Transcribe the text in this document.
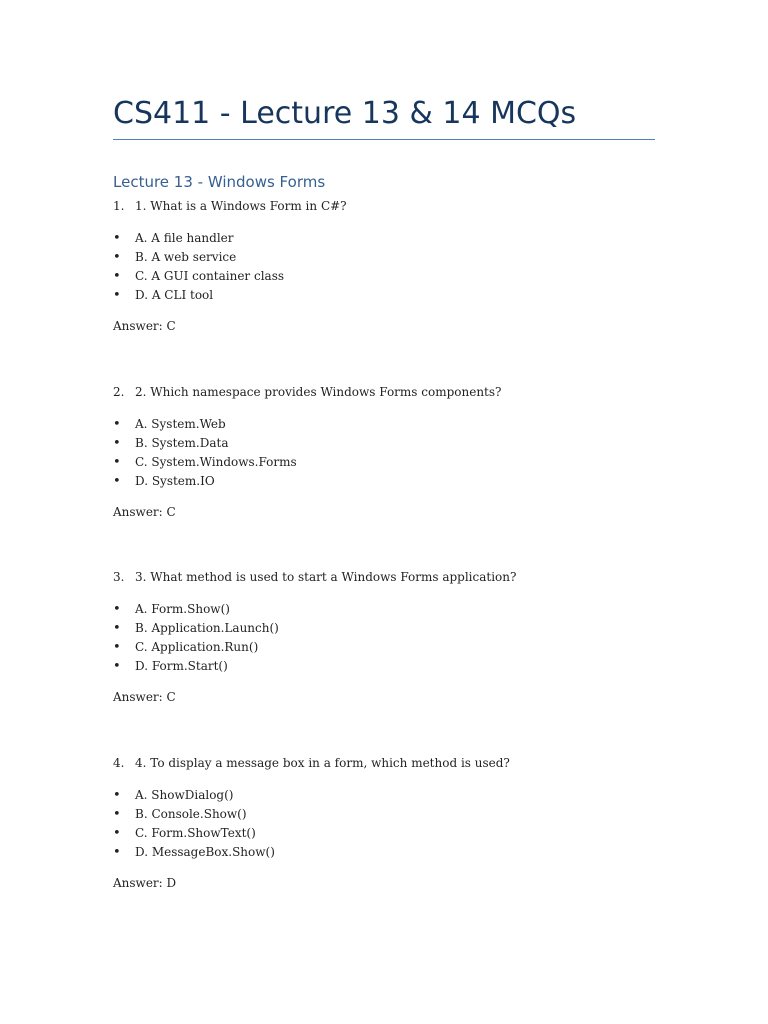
CS411 - Lecture 13 & 14 MCQs
Lecture 13 - Windows Forms
1. 1. What is a Windows Form in C#?
• A. A file handler
• B. A web service
• C. A GUI container class
• D. A CLI tool
Answer: C
2. 2. Which namespace provides Windows Forms components?
• A. System.Web
• B. System.Data
• C. System.Windows.Forms
• D. System.IO
Answer: C
3. 3. What method is used to start a Windows Forms application?
• A. Form.Show()
• B. Application.Launch()
• C. Application.Run()
• D. Form.Start()
Answer: C
4. 4. To display a message box in a form, which method is used?
• A. ShowDialog()
• B. Console.Show()
• C. Form.ShowText()
• D. MessageBox.Show()
Answer: D
